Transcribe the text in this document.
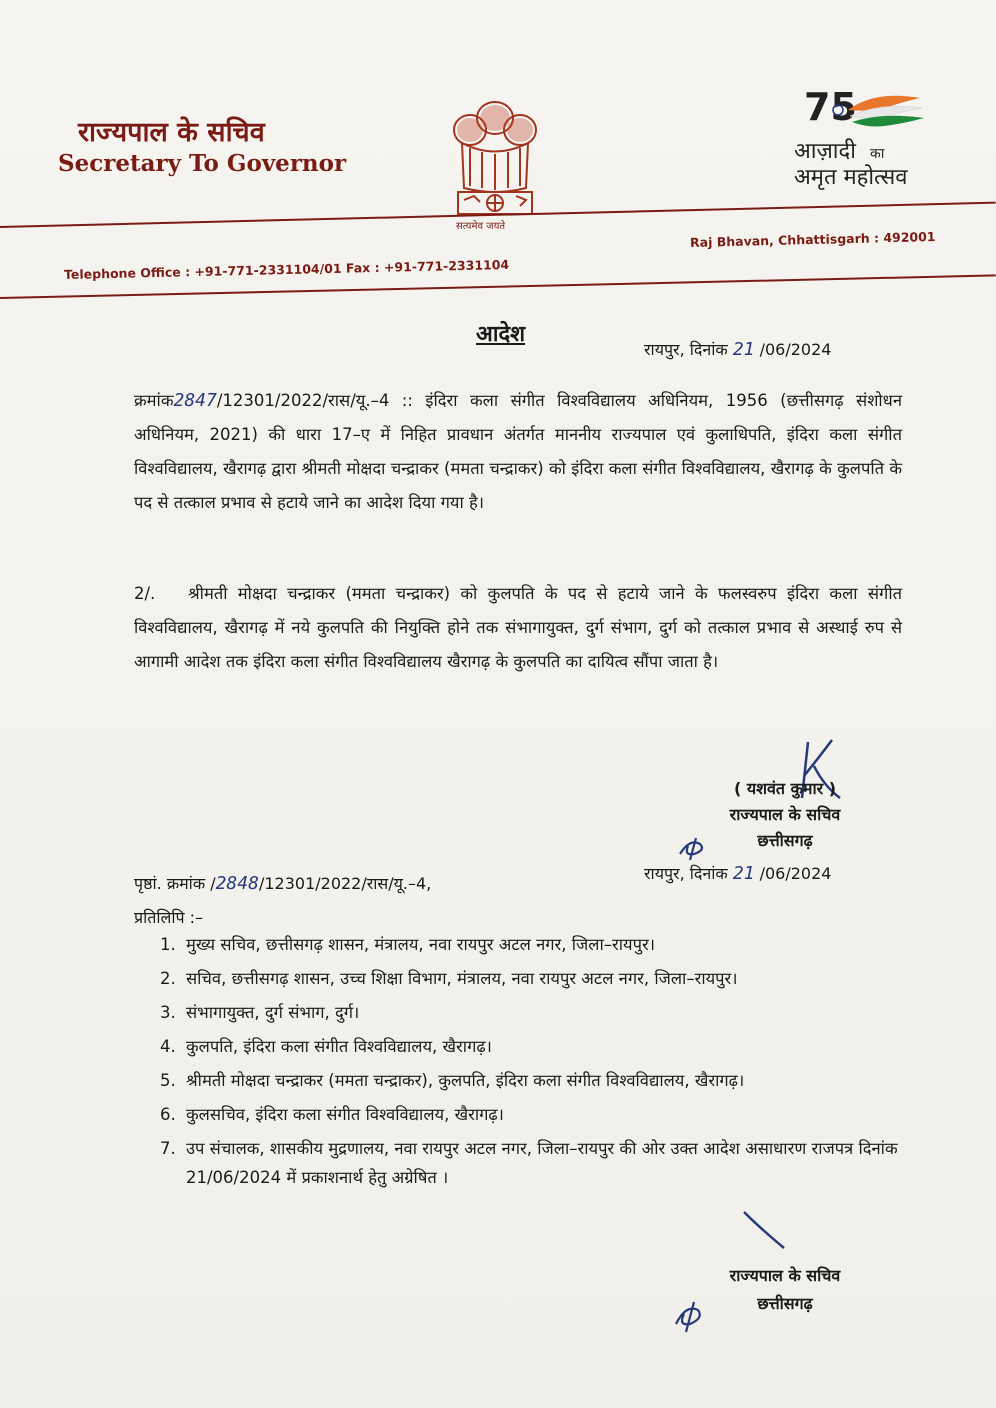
राज्यपाल के सचिव
Secretary To Governor
सत्यमेव जयते
75
आज़ादी का
अमृत महोत्सव
Raj Bhavan, Chhattisgarh : 492001
Telephone Office : +91-771-2331104/01 Fax : +91-771-2331104
आदेश
रायपुर, दिनांक 21 /06/2024
क्रमांक2847/12301/2022/रास/यू.–4 :: इंदिरा कला संगीत विश्वविद्यालय अधिनियम, 1956 (छत्तीसगढ़ संशोधन अधिनियम, 2021) की धारा 17–ए में निहित प्रावधान अंतर्गत माननीय राज्यपाल एवं कुलाधिपति, इंदिरा कला संगीत विश्वविद्यालय, खैरागढ़ द्वारा श्रीमती मोक्षदा चन्द्राकर (ममता चन्द्राकर) को इंदिरा कला संगीत विश्वविद्यालय, खैरागढ़ के कुलपति के पद से तत्काल प्रभाव से हटाये जाने का आदेश दिया गया है।
2/. श्रीमती मोक्षदा चन्द्राकर (ममता चन्द्राकर) को कुलपति के पद से हटाये जाने के फलस्वरुप इंदिरा कला संगीत विश्वविद्यालय, खैरागढ़ में नये कुलपति की नियुक्ति होने तक संभागायुक्त, दुर्ग संभाग, दुर्ग को तत्काल प्रभाव से अस्थाई रुप से आगामी आदेश तक इंदिरा कला संगीत विश्वविद्यालय खैरागढ़ के कुलपति का दायित्व सौंपा जाता है।
( यशवंत कुमार )
राज्यपाल के सचिव
छत्तीसगढ़
पृष्ठां. क्रमांक /2848/12301/2022/रास/यू.–4,
रायपुर, दिनांक 21 /06/2024
प्रतिलिपि :–
1. मुख्य सचिव, छत्तीसगढ़ शासन, मंत्रालय, नवा रायपुर अटल नगर, जिला–रायपुर।
2. सचिव, छत्तीसगढ़ शासन, उच्च शिक्षा विभाग, मंत्रालय, नवा रायपुर अटल नगर, जिला–रायपुर।
3. संभागायुक्त, दुर्ग संभाग, दुर्ग।
4. कुलपति, इंदिरा कला संगीत विश्वविद्यालय, खैरागढ़।
5. श्रीमती मोक्षदा चन्द्राकर (ममता चन्द्राकर), कुलपति, इंदिरा कला संगीत विश्वविद्यालय, खैरागढ़।
6. कुलसचिव, इंदिरा कला संगीत विश्वविद्यालय, खैरागढ़।
7. उप संचालक, शासकीय मुद्रणालय, नवा रायपुर अटल नगर, जिला–रायपुर की ओर उक्त आदेश असाधारण राजपत्र दिनांक 21/06/2024 में प्रकाशनार्थ हेतु अग्रेषित ।
राज्यपाल के सचिव
छत्तीसगढ़
